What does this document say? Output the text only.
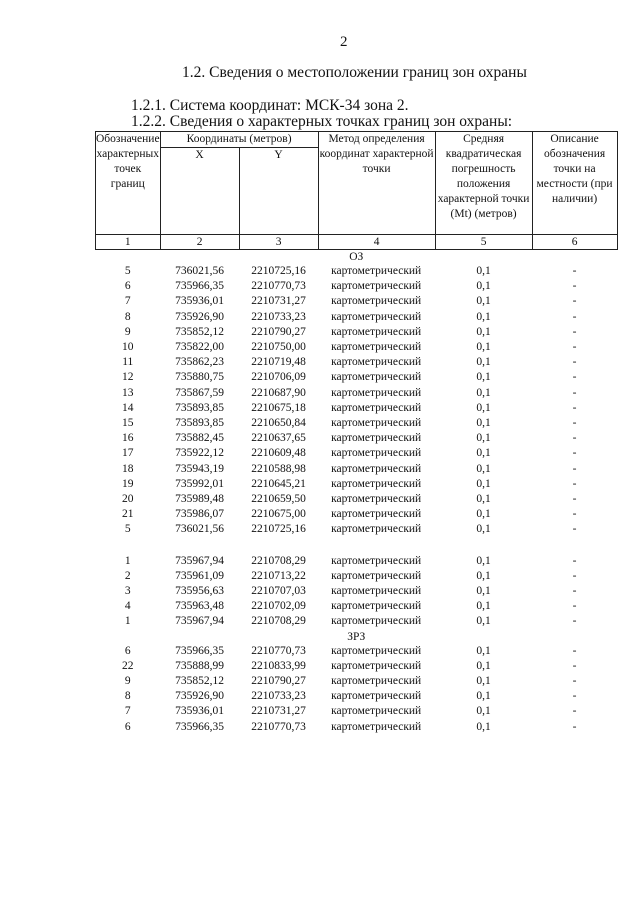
2
1.2. Сведения о местоположении границ зон охраны
1.2.1. Система координат: МСК-34 зона 2.
1.2.2. Сведения о характерных точках границ зон охраны:
Обозначение характерных точек границ	Координаты (метров)		Метод определения координат характерной точки	Средняя квадратическая погрешность положения характерной точки (Mt) (метров)	Описание обозначения точки на местности (при наличии)
	X	Y			
1	2	3	4	5	6
ОЗ					
5	736021,56	2210725,16	картометрический	0,1	-
6	735966,35	2210770,73	картометрический	0,1	-
7	735936,01	2210731,27	картометрический	0,1	-
8	735926,90	2210733,23	картометрический	0,1	-
9	735852,12	2210790,27	картометрический	0,1	-
10	735822,00	2210750,00	картометрический	0,1	-
11	735862,23	2210719,48	картометрический	0,1	-
12	735880,75	2210706,09	картометрический	0,1	-
13	735867,59	2210687,90	картометрический	0,1	-
14	735893,85	2210675,18	картометрический	0,1	-
15	735893,85	2210650,84	картометрический	0,1	-
16	735882,45	2210637,65	картометрический	0,1	-
17	735922,12	2210609,48	картометрический	0,1	-
18	735943,19	2210588,98	картометрический	0,1	-
19	735992,01	2210645,21	картометрический	0,1	-
20	735989,48	2210659,50	картометрический	0,1	-
21	735986,07	2210675,00	картометрический	0,1	-
5	736021,56	2210725,16	картометрический	0,1	-

1	735967,94	2210708,29	картометрический	0,1	-
2	735961,09	2210713,22	картометрический	0,1	-
3	735956,63	2210707,03	картометрический	0,1	-
4	735963,48	2210702,09	картометрический	0,1	-
1	735967,94	2210708,29	картометрический	0,1	-
ЗРЗ					
6	735966,35	2210770,73	картометрический	0,1	-
22	735888,99	2210833,99	картометрический	0,1	-
9	735852,12	2210790,27	картометрический	0,1	-
8	735926,90	2210733,23	картометрический	0,1	-
7	735936,01	2210731,27	картометрический	0,1	-
6	735966,35	2210770,73	картометрический	0,1	-
